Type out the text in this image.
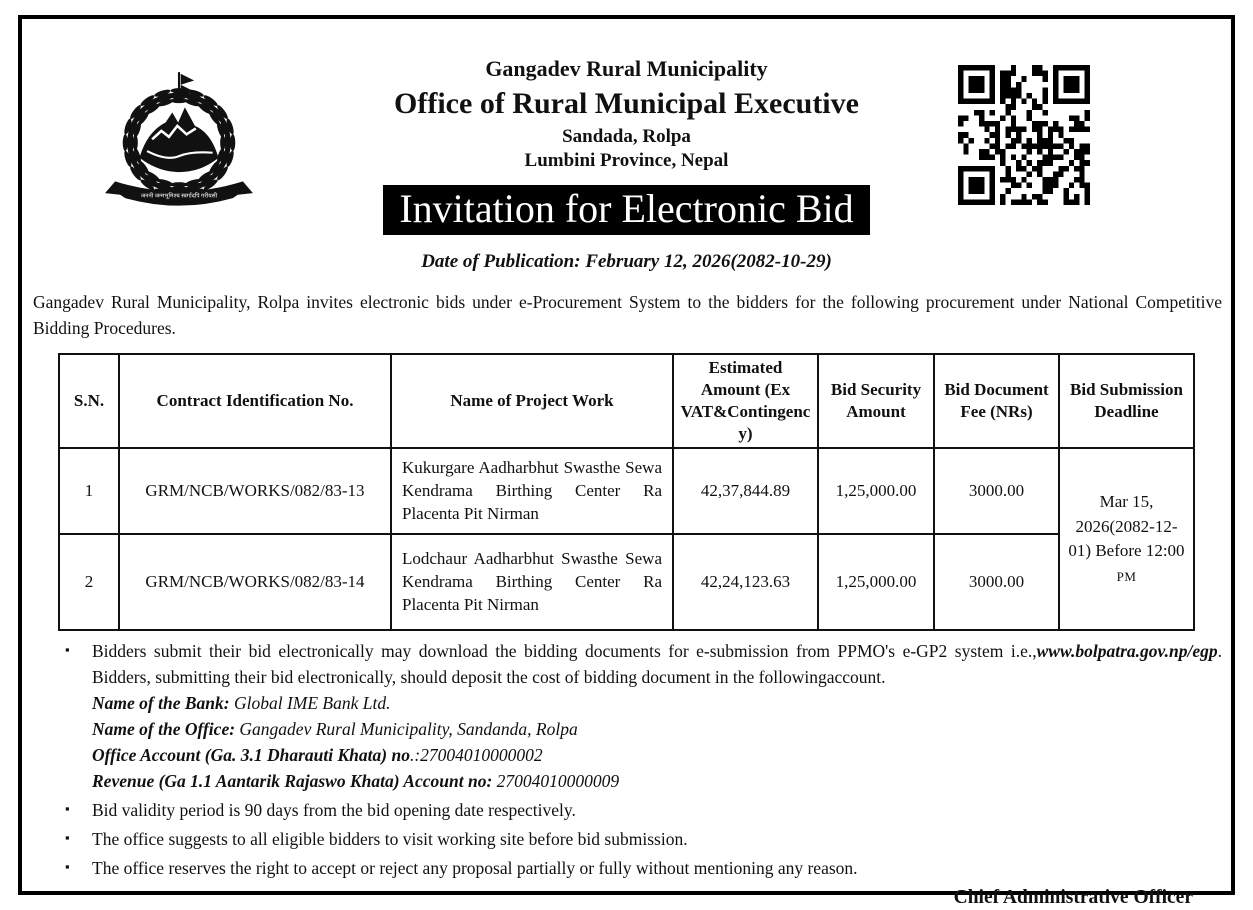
जननी जन्मभूमिश्च स्वर्गादपि गरीयसी
Gangadev Rural Municipality
Office of Rural Municipal Executive
Sandada, Rolpa
Lumbini Province, Nepal
Invitation for Electronic Bid
Date of Publication: February 12, 2026(2082-10-29)

Gangadev Rural Municipality, Rolpa invites electronic bids under e-Procurement System to the bidders for the following procurement under National Competitive Bidding Procedures.

S.N.	Contract Identification No.	Name of Project Work	Estimated Amount (Ex VAT&Contingency)	Bid Security Amount	Bid Document Fee (NRs)	Bid Submission Deadline
1	GRM/NCB/WORKS/082/83-13	Kukurgare Aadharbhut Swasthe Sewa Kendrama Birthing Center Ra Placenta Pit Nirman	42,37,844.89	1,25,000.00	3000.00	Mar 15, 2026(2082-12-01) Before 12:00 PM
2	GRM/NCB/WORKS/082/83-14	Lodchaur Aadharbhut Swasthe Sewa Kendrama Birthing Center Ra Placenta Pit Nirman	42,24,123.63	1,25,000.00	3000.00	
▪ Bidders submit their bid electronically may download the bidding documents for e-submission from PPMO's e-GP2 system i.e.,www.bolpatra.gov.np/egp. Bidders, submitting their bid electronically, should deposit the cost of bidding document in the followingaccount.
Name of the Bank: Global IME Bank Ltd.
Name of the Office: Gangadev Rural Municipality, Sandanda, Rolpa
Office Account (Ga. 3.1 Dharauti Khata) no.:27004010000002
Revenue (Ga 1.1 Aantarik Rajaswo Khata) Account no: 27004010000009
▪ Bid validity period is 90 days from the bid opening date respectively.
▪ The office suggests to all eligible bidders to visit working site before bid submission.
▪ The office reserves the right to accept or reject any proposal partially or fully without mentioning any reason.
Chief Administrative Officer
